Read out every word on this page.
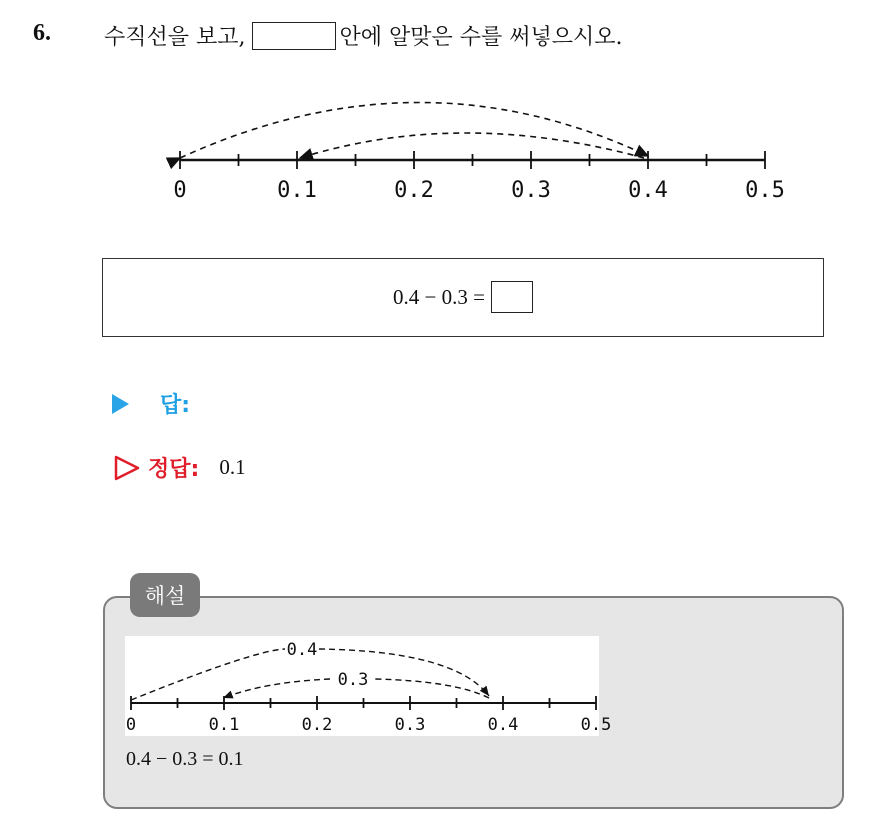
6. 수직선을 보고,	안에 알맞은 수를 써넣으시오.
0	0.1	0.2	0.3	0.4	0.5
0.4 − 0.3 =
답:
정답: 0.1
해설
0.4
0.3
0	0.1	0.2	0.3	0.4	0.5
0.4 − 0.3 = 0.1
